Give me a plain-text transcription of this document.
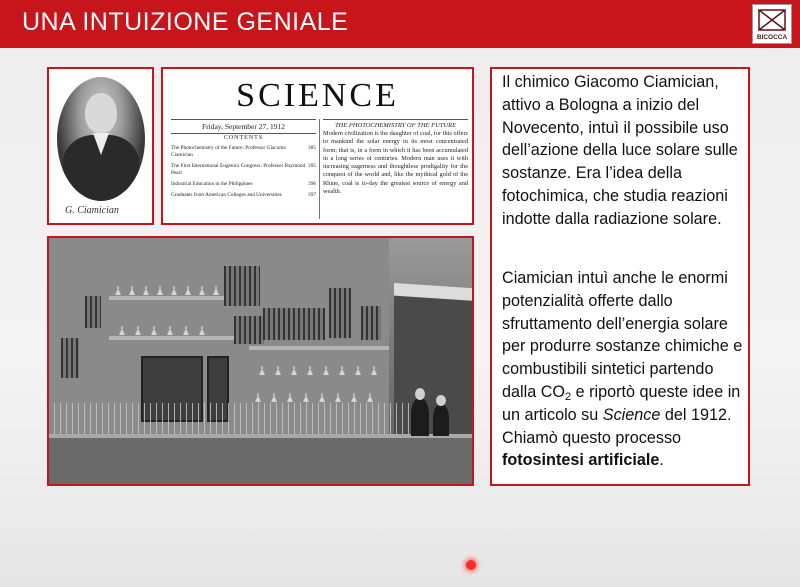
UNA INTUIZIONE GENIALE
BICOCCA
G. Ciamician
SCIENCE
Friday, September 27, 1912
CONTENTS
385
The Photochemistry of the Future: Professor Giacomo Ciamician
395
The First International Eugenics Congress: Professor Raymond Pearl
396
Industrial Education in the Philippines
397
Graduates from American Colleges and Universities
THE PHOTOCHEMISTRY OF THE FUTURE
Modern civilization is the daughter of coal, for this offers to mankind the solar energy in its most concentrated form; that is, in a form in which it has been accumulated in a long series of centuries. Modern man uses it with increasing eagerness and thoughtless prodigality for the conquest of the world and, like the mythical gold of the Rhine, coal is to-day the greatest source of energy and wealth.
Il chimico Giacomo Ciamician, attivo a Bologna a inizio del Novecento, intuì il possibile uso dell’azione della luce solare sulle sostanze. Era l’idea della fotochimica, che studia reazioni indotte dalla radiazione solare.
Ciamician intuì anche le enormi potenzialità offerte dallo sfruttamento dell’energia solare per produrre sostanze chimiche e combustibili sintetici partendo dalla $CO_2$ e riportò queste idee in un articolo su Science del 1912. Chiamò questo processo fotosintesi artificiale.
